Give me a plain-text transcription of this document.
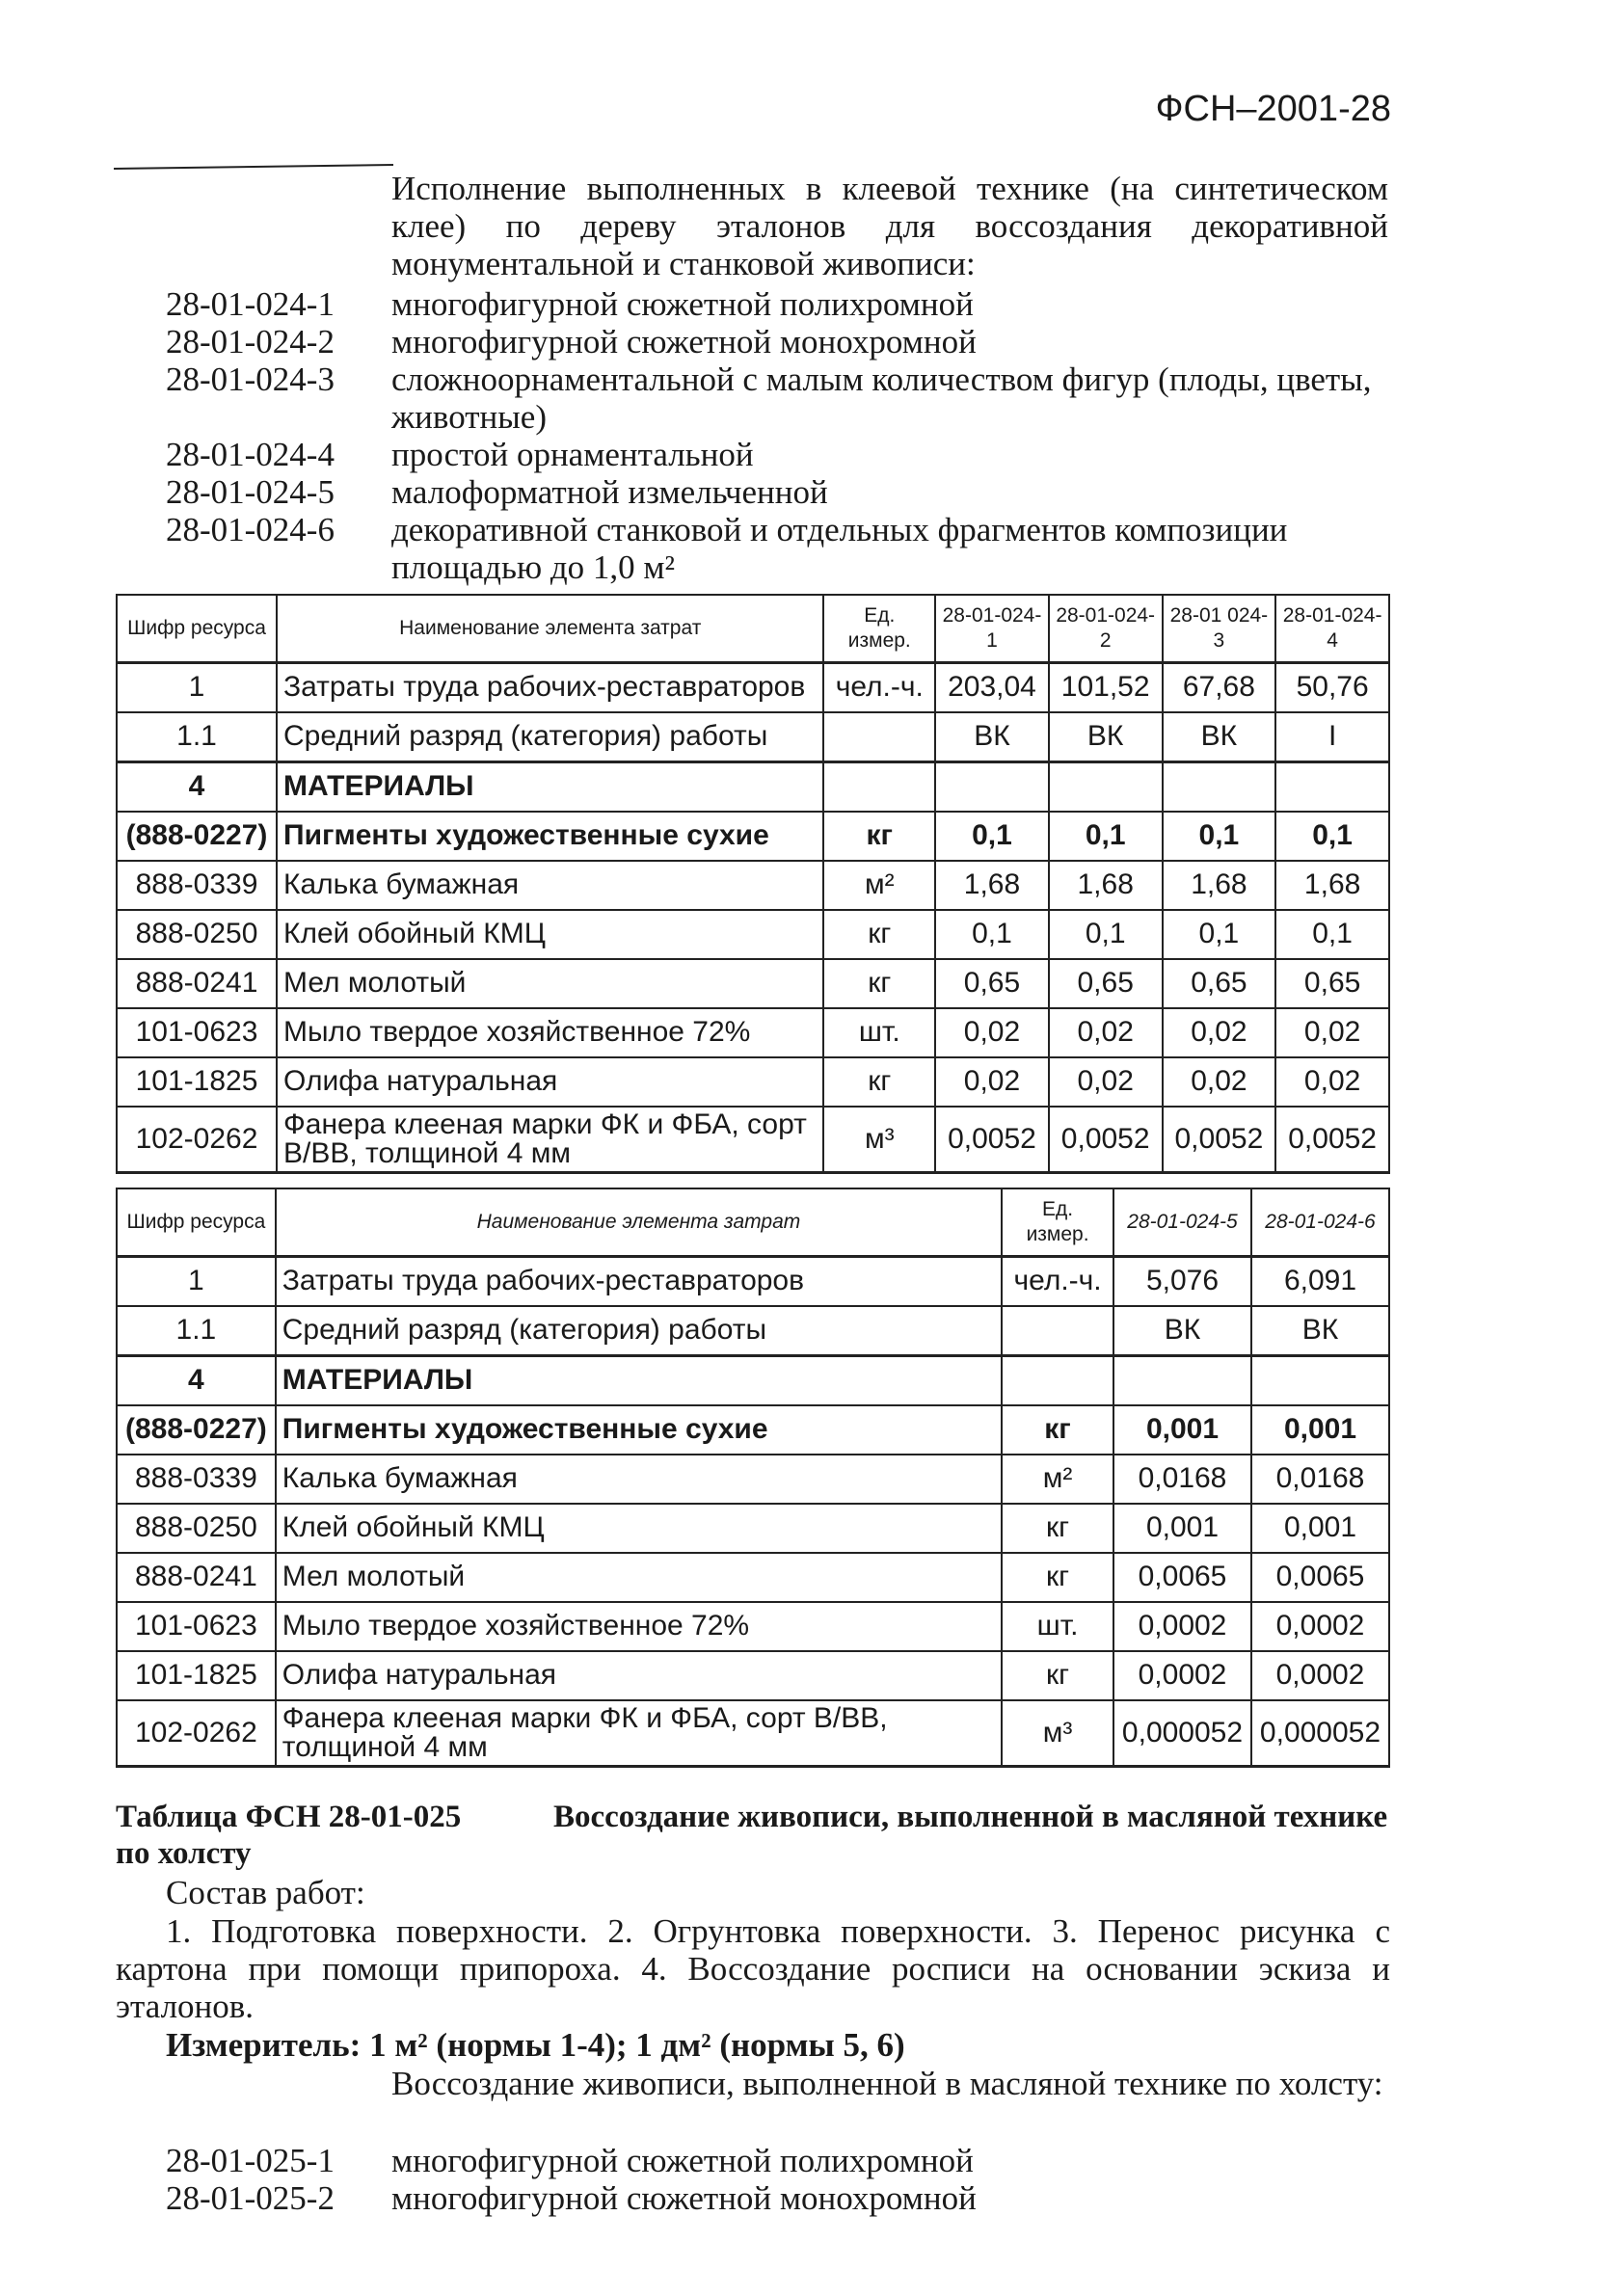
ФСН–2001-28
Исполнение выполненных в клеевой технике (на синтетическом клее) по дереву эталонов для воссоздания декоративной монументальной и станковой живописи:
28-01-024-1	многофигурной сюжетной полихромной
28-01-024-2	многофигурной сюжетной монохромной
28-01-024-3	сложноорнаментальной с малым количеством фигур (плоды, цветы, животные)
28-01-024-4	простой орнаментальной
28-01-024-5	малоформатной измельченной
28-01-024-6	декоративной станковой и отдельных фрагментов композиции площадью до 1,0 м²
Шифр ресурса	Наименование элемента затрат	Ед. измер.	28-01-024-1	28-01-024-2	28-01 024-3	28-01-024-4
1	Затраты труда рабочих-реставраторов	чел.-ч.	203,04	101,52	67,68	50,76
1.1	Средний разряд (категория) работы		ВК	ВК	ВК	I
4	МАТЕРИАЛЫ					
(888-0227)	Пигменты художественные сухие	кг	0,1	0,1	0,1	0,1
888-0339	Калька бумажная	м²	1,68	1,68	1,68	1,68
888-0250	Клей обойный КМЦ	кг	0,1	0,1	0,1	0,1
888-0241	Мел молотый	кг	0,65	0,65	0,65	0,65
101-0623	Мыло твердое хозяйственное 72%	шт.	0,02	0,02	0,02	0,02
101-1825	Олифа натуральная	кг	0,02	0,02	0,02	0,02
102-0262	Фанера клееная марки ФК и ФБА, сорт В/ВВ, толщиной 4 мм	м³	0,0052	0,0052	0,0052	0,0052
Шифр ресурса	Наименование элемента затрат	Ед. измер.	28-01-024-5	28-01-024-6
1	Затраты труда рабочих-реставраторов	чел.-ч.	5,076	6,091
1.1	Средний разряд (категория) работы		ВК	ВК
4	МАТЕРИАЛЫ			
(888-0227)	Пигменты художественные сухие	кг	0,001	0,001
888-0339	Калька бумажная	м²	0,0168	0,0168
888-0250	Клей обойный КМЦ	кг	0,001	0,001
888-0241	Мел молотый	кг	0,0065	0,0065
101-0623	Мыло твердое хозяйственное 72%	шт.	0,0002	0,0002
101-1825	Олифа натуральная	кг	0,0002	0,0002
102-0262	Фанера клееная марки ФК и ФБА, сорт В/ВВ, толщиной 4 мм	м³	0,000052	0,000052
Таблица ФСН 28-01-025	Воссоздание живописи, выполненной в масляной технике по холсту
Состав работ:
1. Подготовка поверхности. 2. Огрунтовка поверхности. 3. Перенос рисунка с картона при помощи припороха. 4. Воссоздание росписи на основании эскиза и эталонов.
Измеритель: 1 м² (нормы 1-4); 1 дм² (нормы 5, 6)
Воссоздание живописи, выполненной в масляной технике по холсту:
28-01-025-1	многофигурной сюжетной полихромной
28-01-025-2	многофигурной сюжетной монохромной
